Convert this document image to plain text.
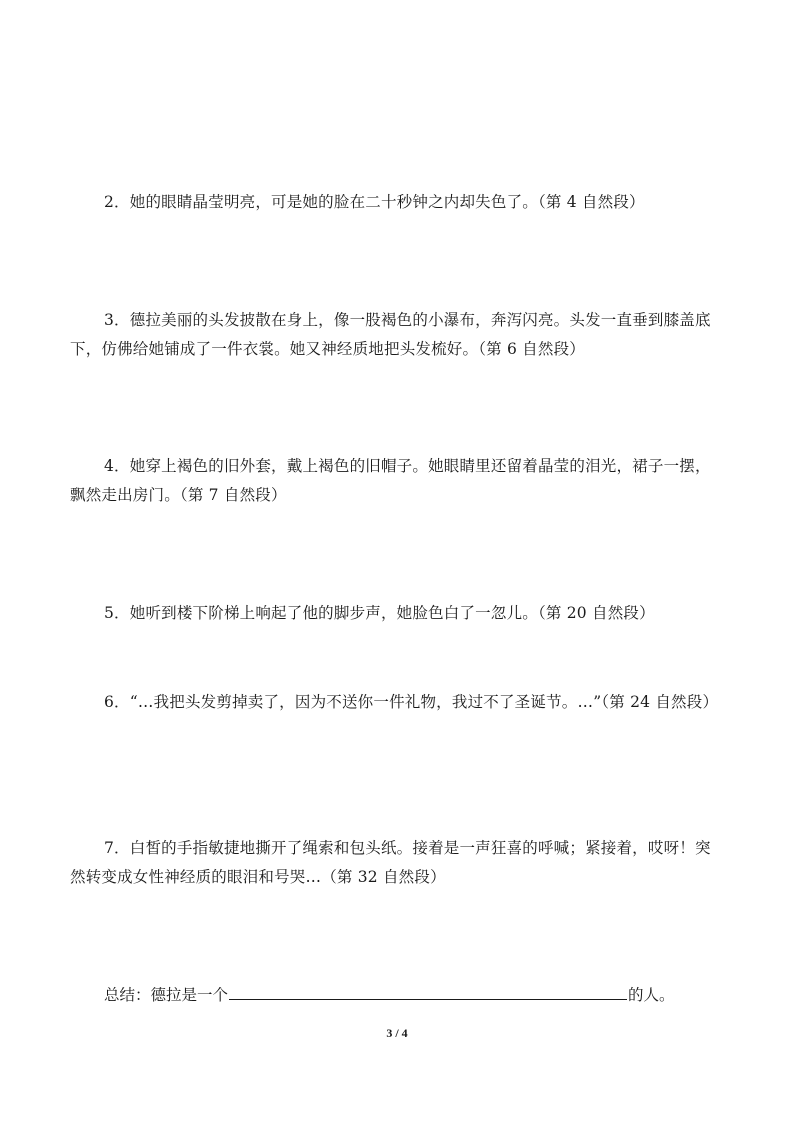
2．她的眼睛晶莹明亮，可是她的脸在二十秒钟之内却失色了。（第 4 自然段）

3．德拉美丽的头发披散在身上，像一股褐色的小瀑布，奔泻闪亮。头发一直垂到膝盖底下，仿佛给她铺成了一件衣裳。她又神经质地把头发梳好。（第 6 自然段）

4．她穿上褐色的旧外套，戴上褐色的旧帽子。她眼睛里还留着晶莹的泪光，裙子一摆，飘然走出房门。（第 7 自然段）

5．她听到楼下阶梯上响起了他的脚步声，她脸色白了一忽儿。（第 20 自然段）

6．“…我把头发剪掉卖了，因为不送你一件礼物，我过不了圣诞节。…”（第 24 自然段）

7．白皙的手指敏捷地撕开了绳索和包头纸。接着是一声狂喜的呼喊；紧接着，哎呀！突然转变成女性神经质的眼泪和号哭…（第 32 自然段）

总结：德拉是一个	的人。

3 / 4
